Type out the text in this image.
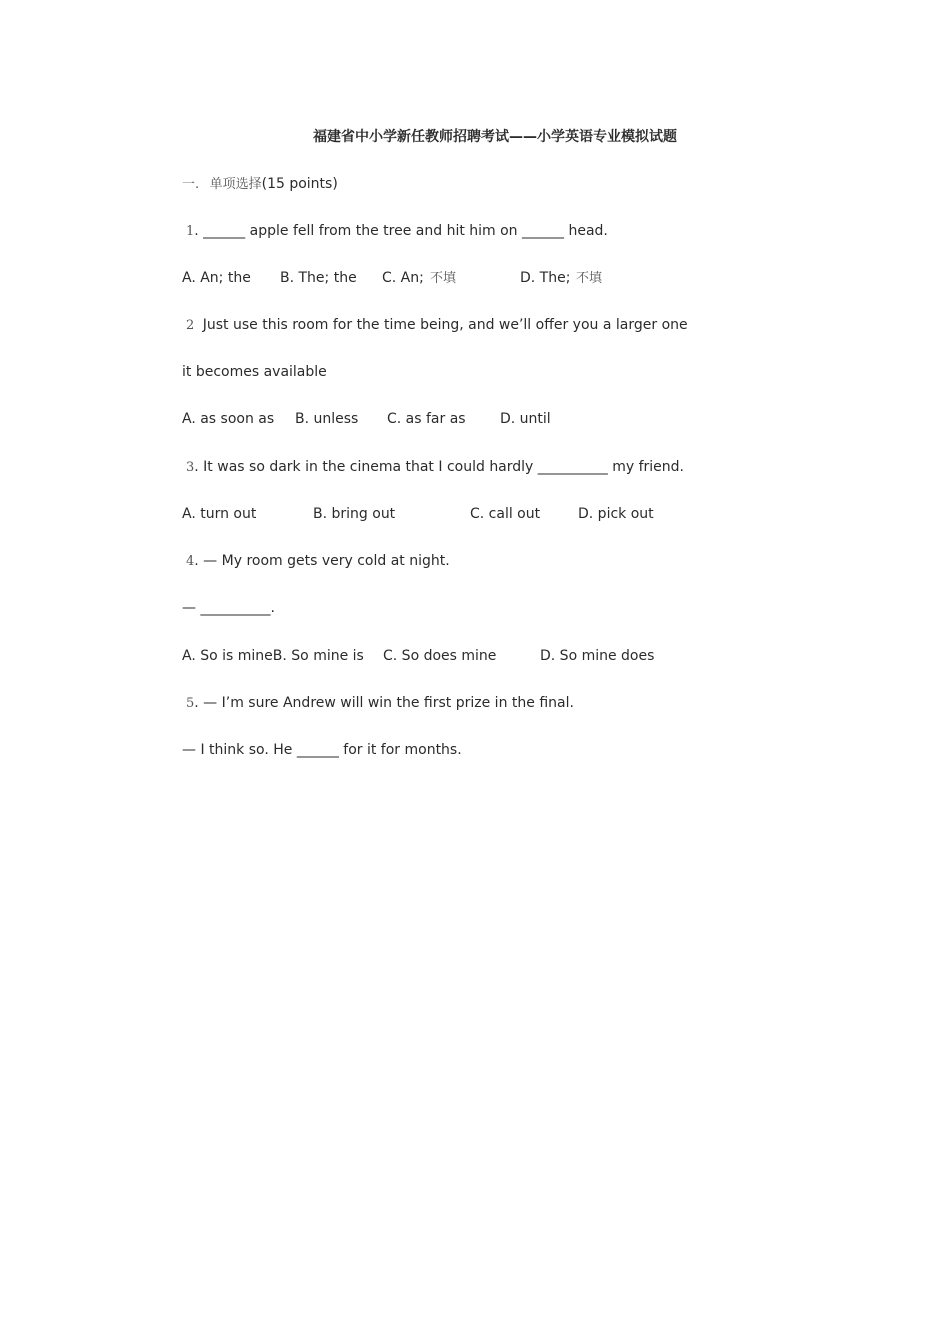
福建省中小学新任教师招聘考试——小学英语专业模拟试题
一. 单项选择(15 points)
1. ______ apple fell from the tree and hit him on ______ head.
A. An; the B. The; the C. An; 不填	D. The; 不填
2 Just use this room for the time being, and we’ll offer you a larger one
it becomes available
A. as soon as B. unless C. as far as D. until
3. It was so dark in the cinema that I could hardly __________ my friend.
A. turn out	B. bring out	C. call out	D. pick out
4. — My room gets very cold at night.
— __________.
A. So is mineB. So mine is C. So does mine	D. So mine does
5. — I’m sure Andrew will win the first prize in the final.
— I think so. He ______ for it for months.
